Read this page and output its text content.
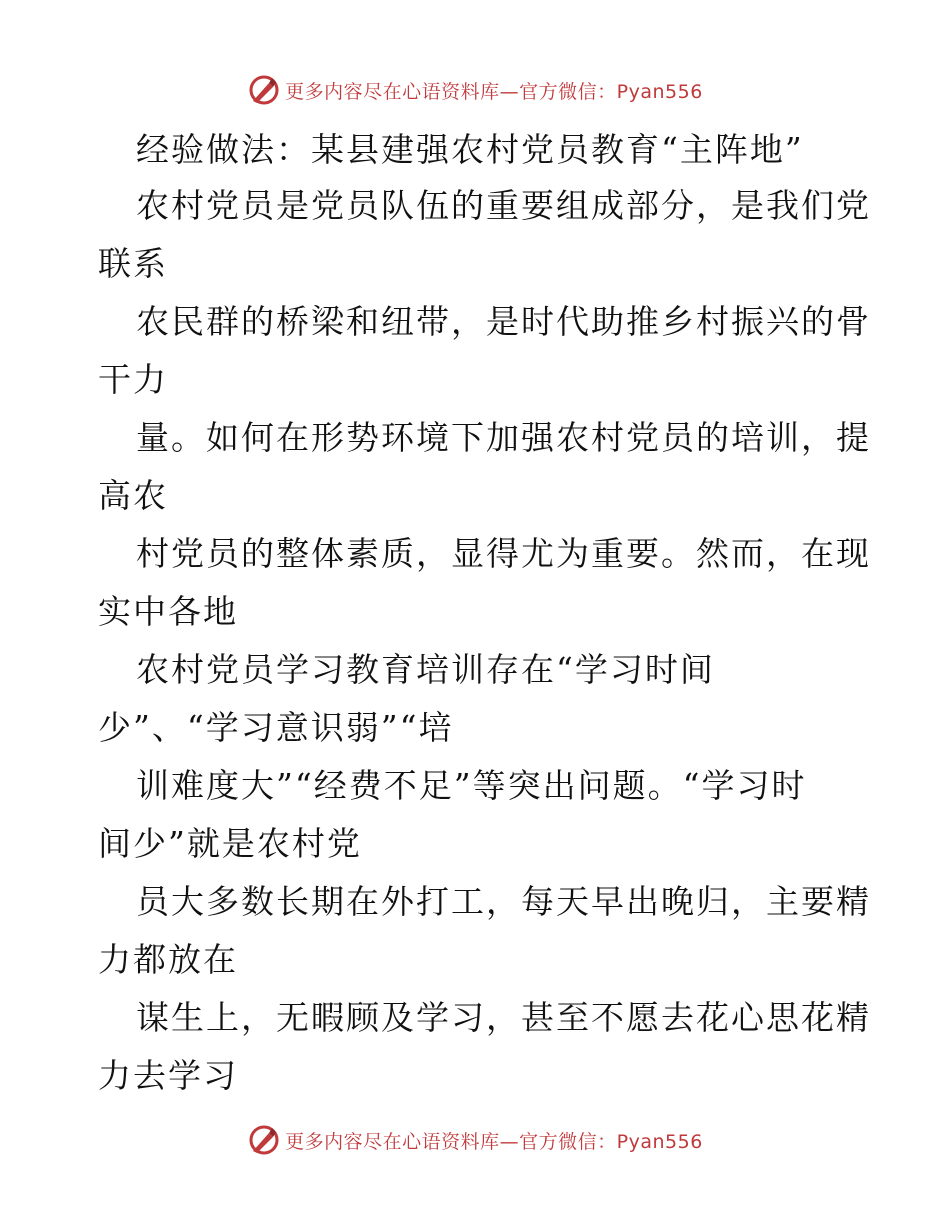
更多内容尽在心语资料库—官方微信：Pyan556
经验做法：某县建强农村党员教育“主阵地”
农村党员是党员队伍的重要组成部分，是我们党
联系
农民群的桥梁和纽带，是时代助推乡村振兴的骨
干力
量。如何在形势环境下加强农村党员的培训，提
高农
村党员的整体素质，显得尤为重要。然而，在现
实中各地
农村党员学习教育培训存在“学习时间
少”、“学习意识弱”“培
训难度大”“经费不足”等突出问题。“学习时
间少”就是农村党
员大多数长期在外打工，每天早出晚归，主要精
力都放在
谋生上，无暇顾及学习，甚至不愿去花心思花精
力去学习
更多内容尽在心语资料库—官方微信：Pyan556
